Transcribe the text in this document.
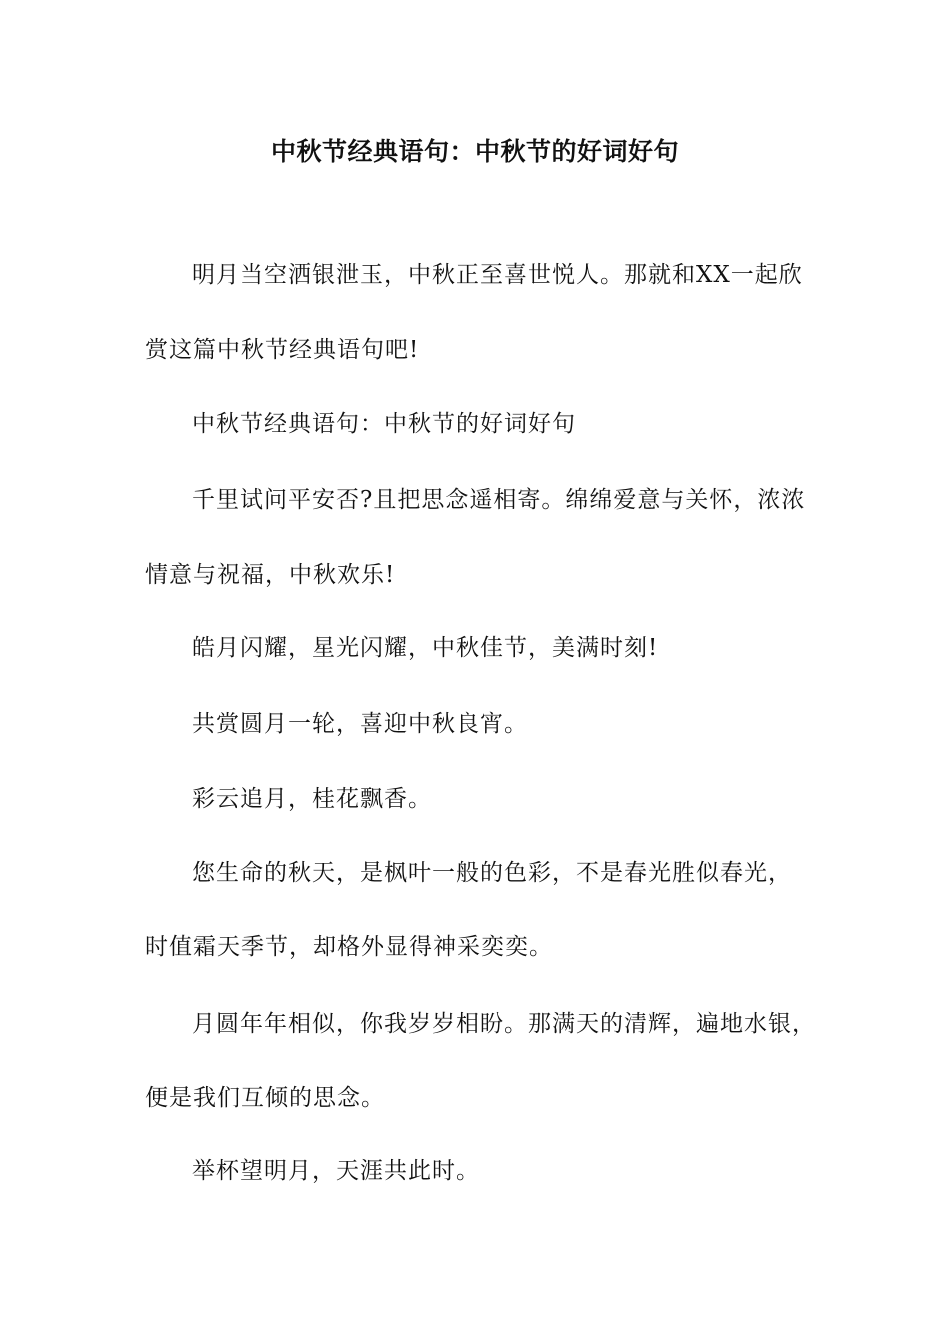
中秋节经典语句：中秋节的好词好句
明月当空洒银泄玉，中秋正至喜世悦人。那就和XX一起欣
赏这篇中秋节经典语句吧!
中秋节经典语句：中秋节的好词好句
千里试问平安否?且把思念遥相寄。绵绵爱意与关怀，浓浓
情意与祝福，中秋欢乐!
皓月闪耀，星光闪耀，中秋佳节，美满时刻!
共赏圆月一轮，喜迎中秋良宵。
彩云追月，桂花飘香。
您生命的秋天，是枫叶一般的色彩，不是春光胜似春光，
时值霜天季节，却格外显得神采奕奕。
月圆年年相似，你我岁岁相盼。那满天的清辉，遍地水银，
便是我们互倾的思念。
举杯望明月，天涯共此时。
